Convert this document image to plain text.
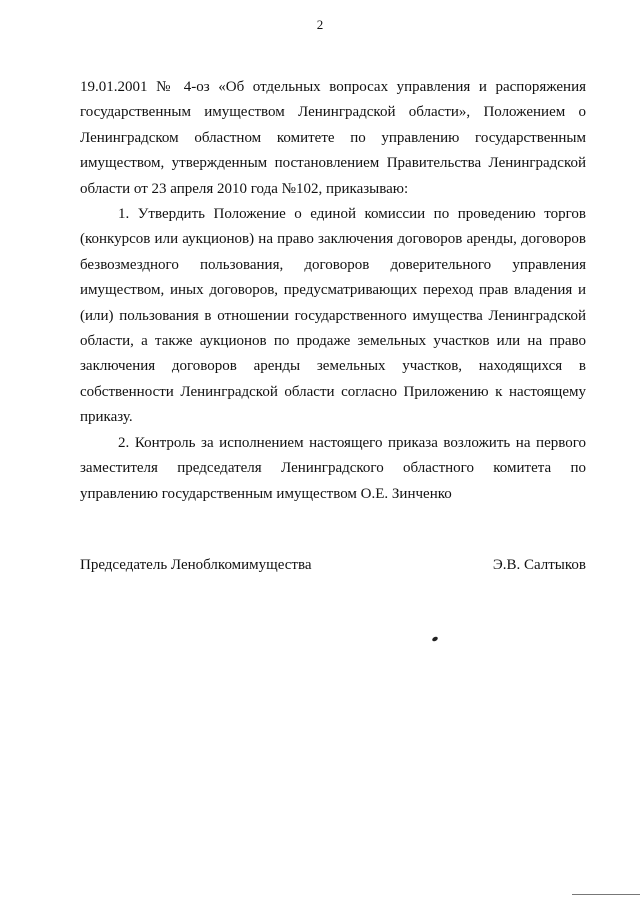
2

19.01.2001 № 4-оз «Об отдельных вопросах управления и распоряжения государственным имуществом Ленинградской области», Положением о Ленинградском областном комитете по управлению государственным имуществом, утвержденным постановлением Правительства Ленинградской области от 23 апреля 2010 года №102, приказываю:

1. Утвердить Положение о единой комиссии по проведению торгов (конкурсов или аукционов) на право заключения договоров аренды, договоров безвозмездного пользования, договоров доверительного управления имуществом, иных договоров, предусматривающих переход прав владения и (или) пользования в отношении государственного имущества Ленинградской области, а также аукционов по продаже земельных участков или на право заключения договоров аренды земельных участков, находящихся в собственности Ленинградской области согласно Приложению к настоящему приказу.

2. Контроль за исполнением настоящего приказа возложить на первого заместителя председателя Ленинградского областного комитета по управлению государственным имуществом О.Е. Зинченко

Председатель Леноблкомимущества	Э.В. Салтыков
